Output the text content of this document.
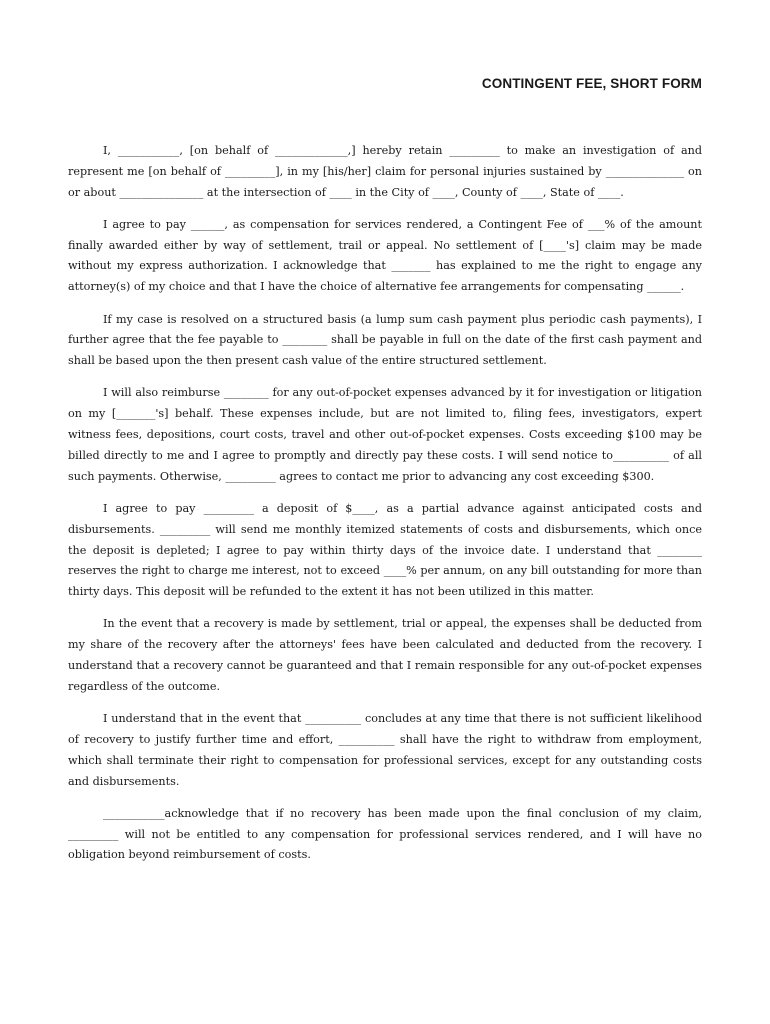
CONTINGENT FEE, SHORT FORM

I, ___________, [on behalf of _____________,] hereby retain _________ to make an investigation of and represent me [on behalf of _________], in my [his/her] claim for personal injuries sustained by ______________ on or about _______________ at the intersection of ____ in the City of ____, County of ____, State of ____.

I agree to pay ______, as compensation for services rendered, a Contingent Fee of ___% of the amount finally awarded either by way of settlement, trail or appeal. No settlement of [____'s] claim may be made without my express authorization. I acknowledge that _______ has explained to me the right to engage any attorney(s) of my choice and that I have the choice of alternative fee arrangements for compensating ______.

If my case is resolved on a structured basis (a lump sum cash payment plus periodic cash payments), I further agree that the fee payable to ________ shall be payable in full on the date of the first cash payment and shall be based upon the then present cash value of the entire structured settlement.

I will also reimburse ________ for any out-of-pocket expenses advanced by it for investigation or litigation on my [_______'s] behalf. These expenses include, but are not limited to, filing fees, investigators, expert witness fees, depositions, court costs, travel and other out-of-pocket expenses. Costs exceeding $100 may be billed directly to me and I agree to promptly and directly pay these costs. I will send notice to__________ of all such payments. Otherwise, _________ agrees to contact me prior to advancing any cost exceeding $300.

I agree to pay _________ a deposit of $____, as a partial advance against anticipated costs and disbursements. _________ will send me monthly itemized statements of costs and disbursements, which once the deposit is depleted; I agree to pay within thirty days of the invoice date. I understand that ________ reserves the right to charge me interest, not to exceed ____% per annum, on any bill outstanding for more than thirty days. This deposit will be refunded to the extent it has not been utilized in this matter.

In the event that a recovery is made by settlement, trial or appeal, the expenses shall be deducted from my share of the recovery after the attorneys' fees have been calculated and deducted from the recovery. I understand that a recovery cannot be guaranteed and that I remain responsible for any out-of-pocket expenses regardless of the outcome.

I understand that in the event that __________ concludes at any time that there is not sufficient likelihood of recovery to justify further time and effort, __________ shall have the right to withdraw from employment, which shall terminate their right to compensation for professional services, except for any outstanding costs and disbursements.

___________acknowledge that if no recovery has been made upon the final conclusion of my claim, _________ will not be entitled to any compensation for professional services rendered, and I will have no obligation beyond reimbursement of costs.
